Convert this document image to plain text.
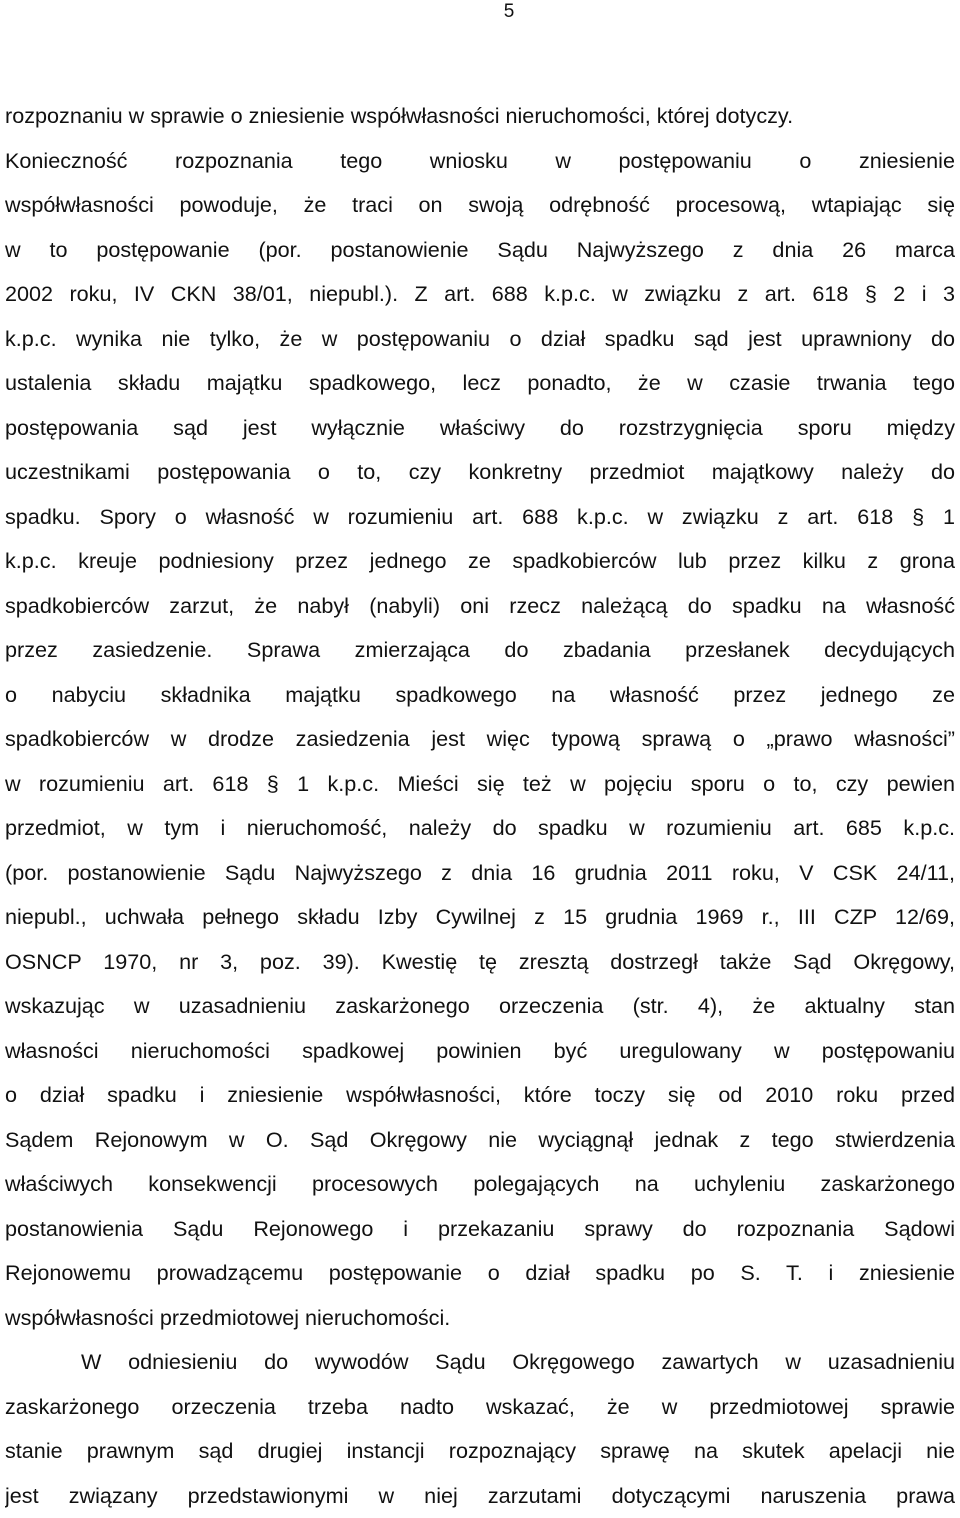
5
rozpoznaniu w sprawie o zniesienie współwłasności nieruchomości, której dotyczy.
Konieczność rozpoznania tego wniosku w postępowaniu o zniesienie
współwłasności powoduje, że traci on swoją odrębność procesową, wtapiając się
w to postępowanie (por. postanowienie Sądu Najwyższego z dnia 26 marca
2002 roku, IV CKN 38/01, niepubl.). Z art. 688 k.p.c. w związku z art. 618 § 2 i 3
k.p.c. wynika nie tylko, że w postępowaniu o dział spadku sąd jest uprawniony do
ustalenia składu majątku spadkowego, lecz ponadto, że w czasie trwania tego
postępowania sąd jest wyłącznie właściwy do rozstrzygnięcia sporu między
uczestnikami postępowania o to, czy konkretny przedmiot majątkowy należy do
spadku. Spory o własność w rozumieniu art. 688 k.p.c. w związku z art. 618 § 1
k.p.c. kreuje podniesiony przez jednego ze spadkobierców lub przez kilku z grona
spadkobierców zarzut, że nabył (nabyli) oni rzecz należącą do spadku na własność
przez zasiedzenie. Sprawa zmierzająca do zbadania przesłanek decydujących
o nabyciu składnika majątku spadkowego na własność przez jednego ze
spadkobierców w drodze zasiedzenia jest więc typową sprawą o „prawo własności”
w rozumieniu art. 618 § 1 k.p.c. Mieści się też w pojęciu sporu o to, czy pewien
przedmiot, w tym i nieruchomość, należy do spadku w rozumieniu art. 685 k.p.c.
(por. postanowienie Sądu Najwyższego z dnia 16 grudnia 2011 roku, V CSK 24/11,
niepubl., uchwała pełnego składu Izby Cywilnej z 15 grudnia 1969 r., III CZP 12/69,
OSNCP 1970, nr 3, poz. 39). Kwestię tę zresztą dostrzegł także Sąd Okręgowy,
wskazując w uzasadnieniu zaskarżonego orzeczenia (str. 4), że aktualny stan
własności nieruchomości spadkowej powinien być uregulowany w postępowaniu
o dział spadku i zniesienie współwłasności, które toczy się od 2010 roku przed
Sądem Rejonowym w O. Sąd Okręgowy nie wyciągnął jednak z tego stwierdzenia
właściwych konsekwencji procesowych polegających na uchyleniu zaskarżonego
postanowienia Sądu Rejonowego i przekazaniu sprawy do rozpoznania Sądowi
Rejonowemu prowadzącemu postępowanie o dział spadku po S. T. i zniesienie
współwłasności przedmiotowej nieruchomości.
W odniesieniu do wywodów Sądu Okręgowego zawartych w uzasadnieniu
zaskarżonego orzeczenia trzeba nadto wskazać, że w przedmiotowej sprawie
stanie prawnym sąd drugiej instancji rozpoznający sprawę na skutek apelacji nie
jest związany przedstawionymi w niej zarzutami dotyczącymi naruszenia prawa
